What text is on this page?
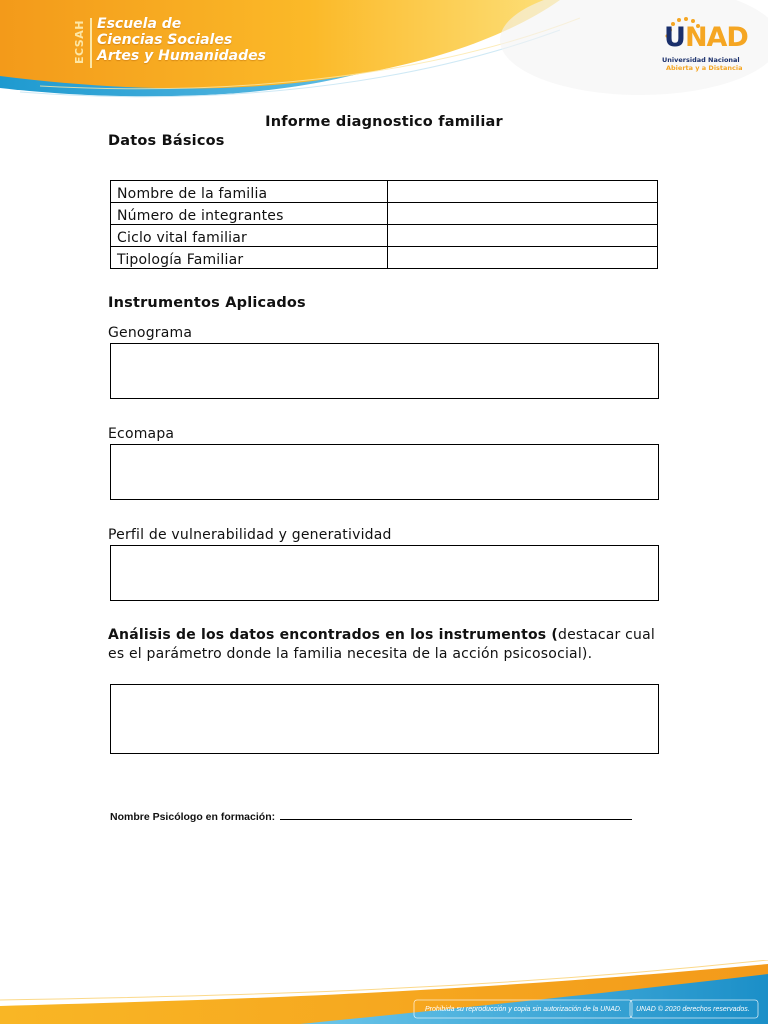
ECSAH Escuela de
Ciencias Sociales
Artes y Humanidades
UNAD
Universidad Nacional
Abierta y a Distancia
Informe diagnostico familiar
Datos Básicos
Nombre de la familia	
Número de integrantes	
Ciclo vital familiar	
Tipología Familiar	
Instrumentos Aplicados
Genograma
Ecomapa
Perfil de vulnerabilidad y generatividad
Análisis de los datos encontrados en los instrumentos (destacar cual es el parámetro donde la familia necesita de la acción psicosocial).
Nombre Psicólogo en formación:
Prohibida su reproducción y copia sin autorización de la UNAD. UNAD © 2020 derechos reservados.
